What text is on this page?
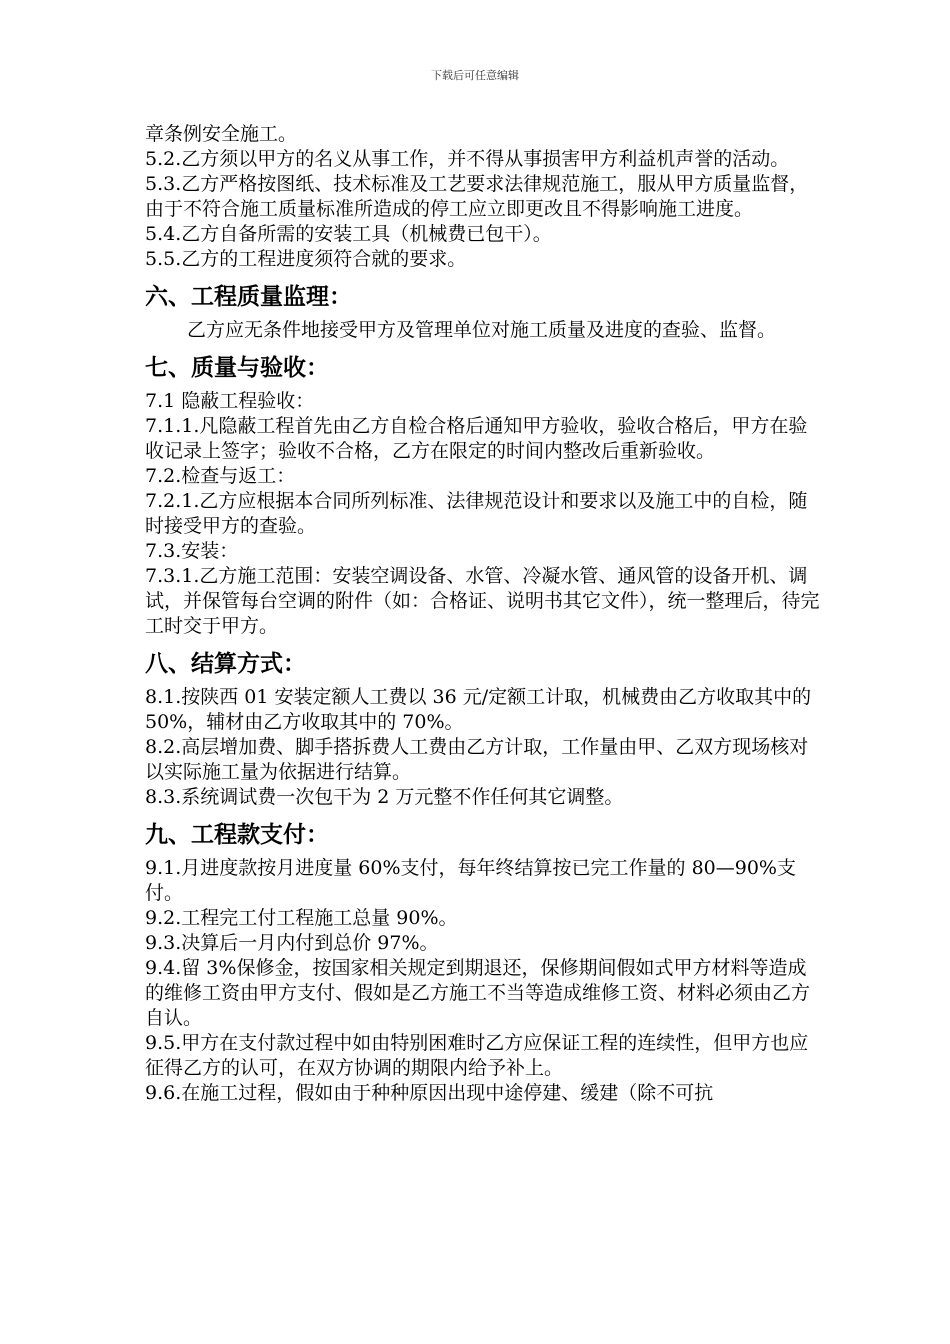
下载后可任意编辑

章条例安全施工。

5.2.乙方须以甲方的名义从事工作，并不得从事损害甲方利益机声誉的活动。

5.3.乙方严格按图纸、技术标准及工艺要求法律规范施工，服从甲方质量监督，由于不符合施工质量标准所造成的停工应立即更改且不得影响施工进度。

5.4.乙方自备所需的安装工具（机械费已包干）。

5.5.乙方的工程进度须符合就的要求。

六、工程质量监理：

乙方应无条件地接受甲方及管理单位对施工质量及进度的查验、监督。

七、质量与验收：

7.1 隐蔽工程验收：

7.1.1.凡隐蔽工程首先由乙方自检合格后通知甲方验收，验收合格后，甲方在验收记录上签字；验收不合格，乙方在限定的时间内整改后重新验收。

7.2.检查与返工：

7.2.1.乙方应根据本合同所列标准、法律规范设计和要求以及施工中的自检，随时接受甲方的查验。

7.3.安装：

7.3.1.乙方施工范围：安装空调设备、水管、冷凝水管、通风管的设备开机、调试，并保管每台空调的附件（如：合格证、说明书其它文件），统一整理后，待完工时交于甲方。

八、结算方式：

8.1.按陕西 01 安装定额人工费以 36 元/定额工计取，机械费由乙方收取其中的 50%，辅材由乙方收取其中的 70%。

8.2.高层增加费、脚手搭拆费人工费由乙方计取，工作量由甲、乙双方现场核对以实际施工量为依据进行结算。

8.3.系统调试费一次包干为 2 万元整不作任何其它调整。

九、工程款支付：

9.1.月进度款按月进度量 60%支付，每年终结算按已完工作量的 80—90%支付。

9.2.工程完工付工程施工总量 90%。

9.3.决算后一月内付到总价 97%。

9.4.留 3%保修金，按国家相关规定到期退还，保修期间假如式甲方材料等造成的维修工资由甲方支付、假如是乙方施工不当等造成维修工资、材料必须由乙方自认。

9.5.甲方在支付款过程中如由特别困难时乙方应保证工程的连续性，但甲方也应征得乙方的认可，在双方协调的期限内给予补上。

9.6.在施工过程，假如由于种种原因出现中途停建、缓建（除不可抗
